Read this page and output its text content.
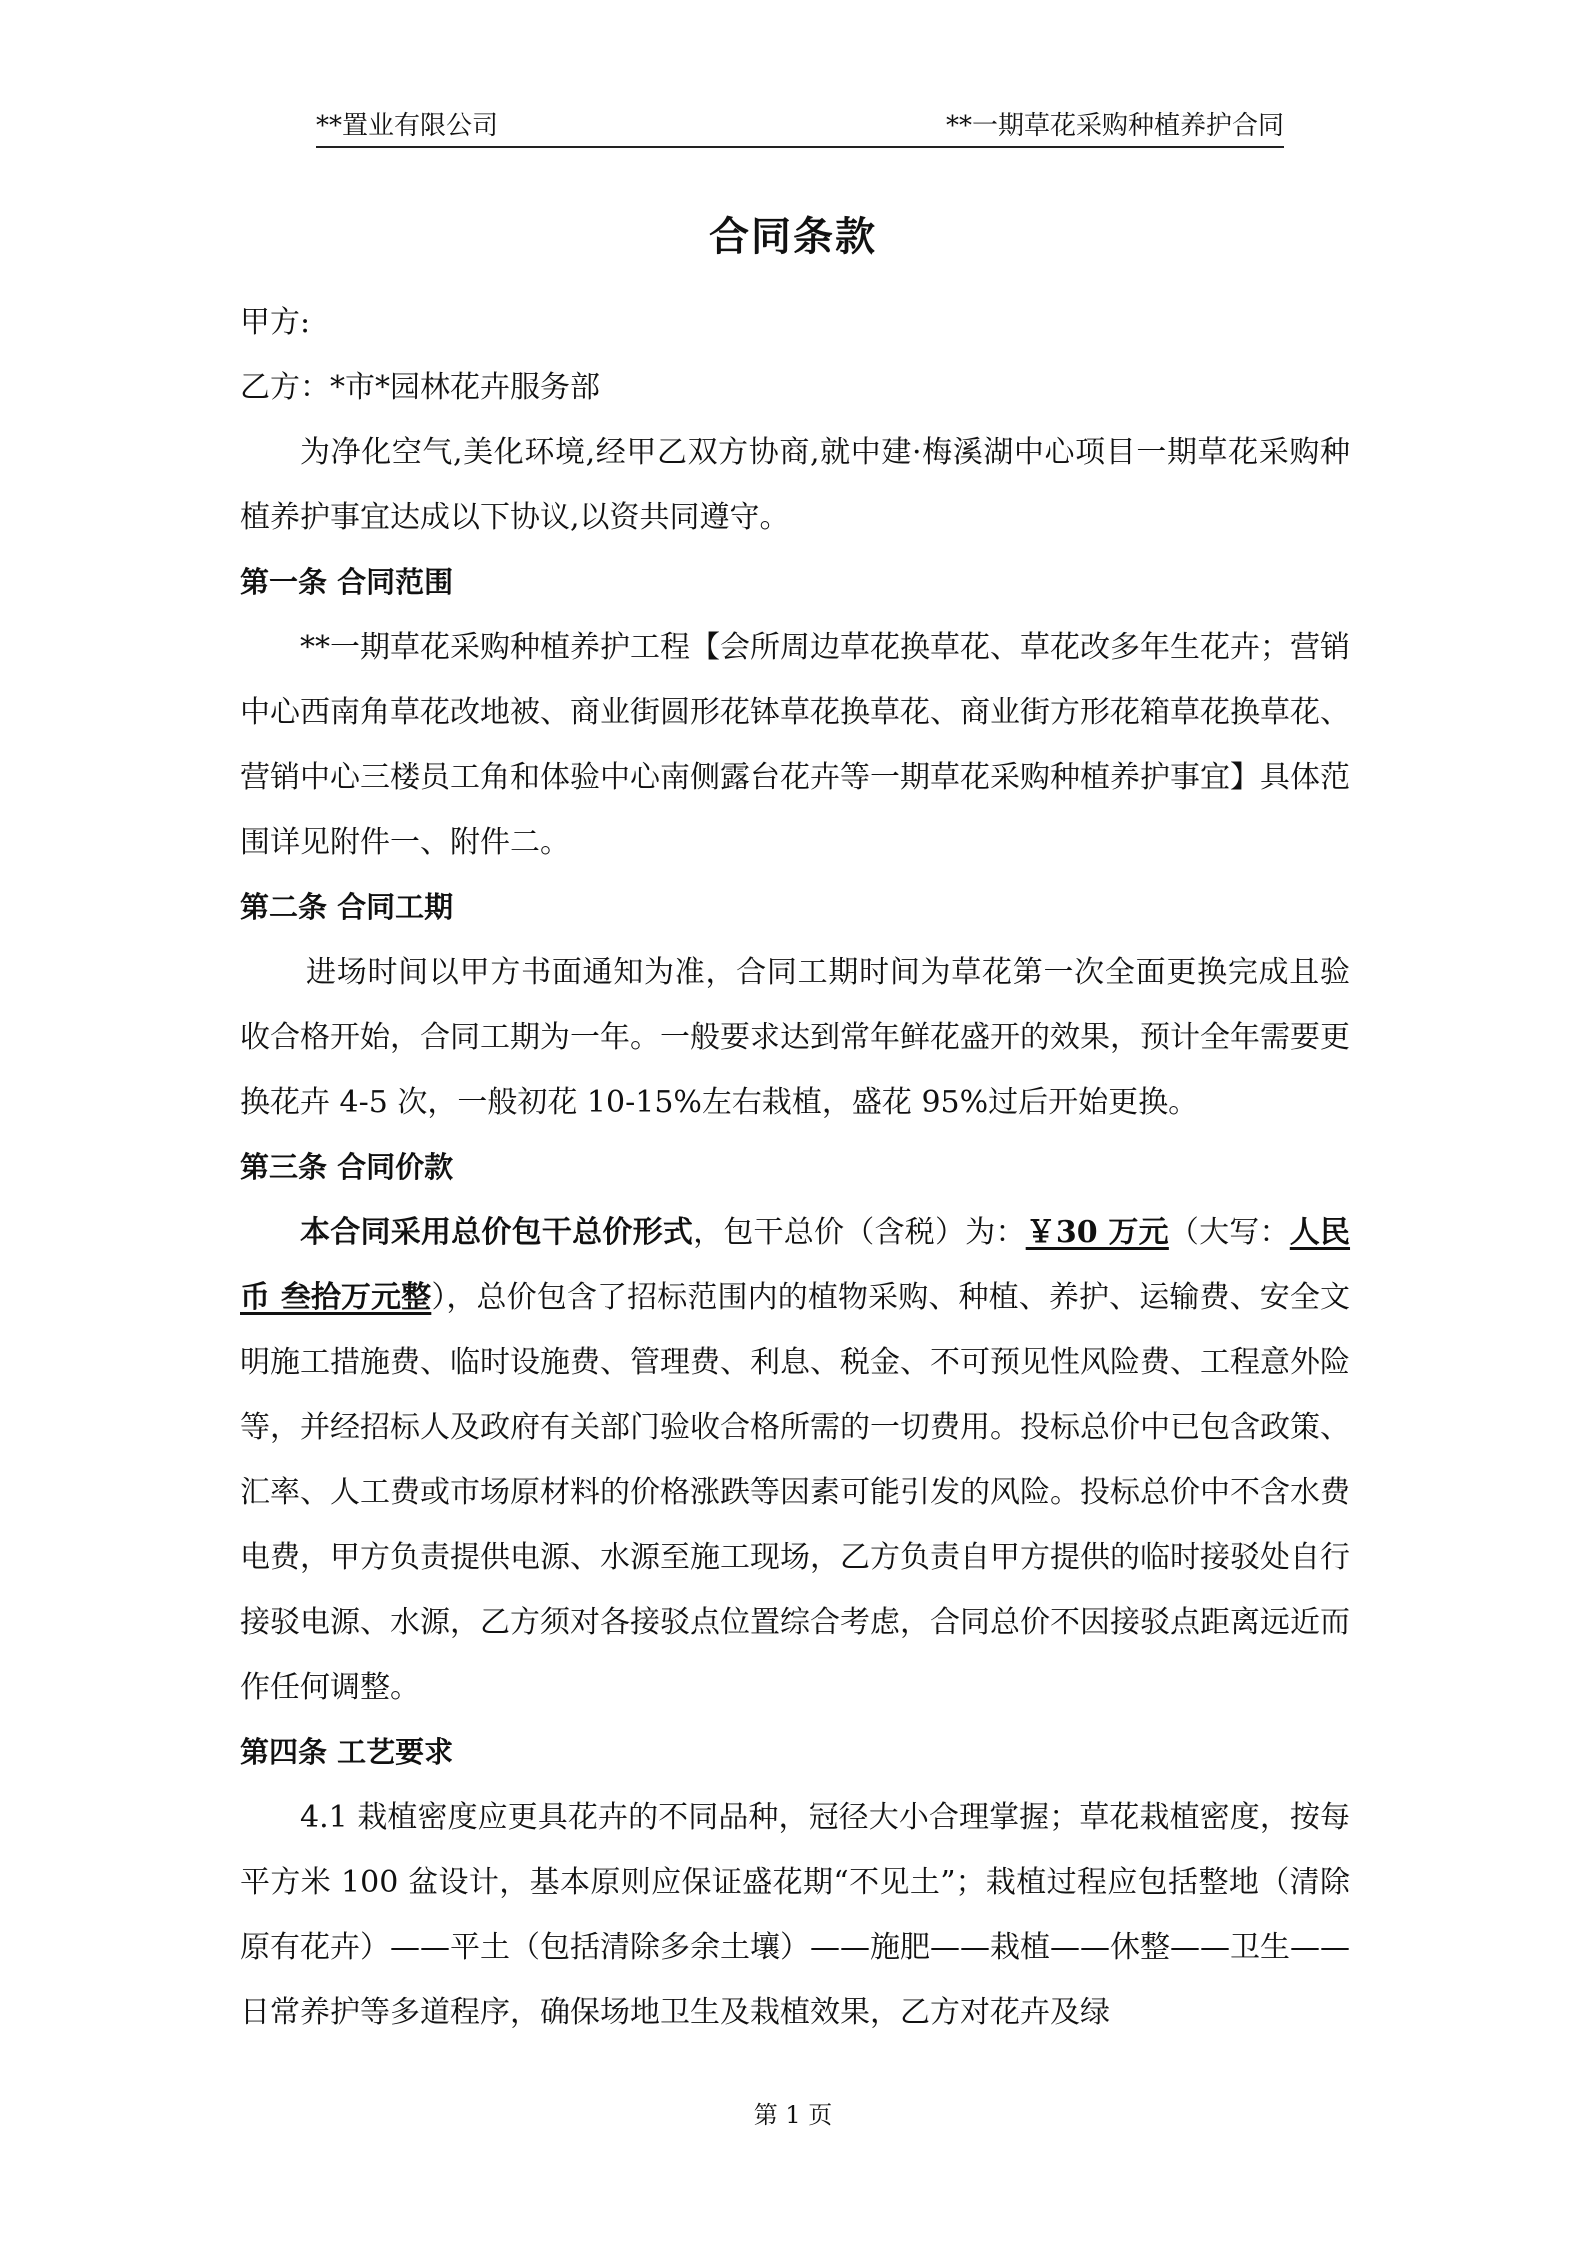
**置业有限公司	**一期草花采购种植养护合同
合同条款

甲方:

乙方：*市*园林花卉服务部

为净化空气,美化环境,经甲乙双方协商,就中建·梅溪湖中心项目一期草花采购种植养护事宜达成以下协议,以资共同遵守。

第一条 合同范围

**一期草花采购种植养护工程【会所周边草花换草花、草花改多年生花卉；营销中心西南角草花改地被、商业街圆形花钵草花换草花、商业街方形花箱草花换草花、营销中心三楼员工角和体验中心南侧露台花卉等一期草花采购种植养护事宜】具体范围详见附件一、附件二。

第二条 合同工期

进场时间以甲方书面通知为准，合同工期时间为草花第一次全面更换完成且验收合格开始，合同工期为一年。一般要求达到常年鲜花盛开的效果，预计全年需要更换花卉 4-5 次，一般初花 10-15%左右栽植，盛花 95%过后开始更换。

第三条 合同价款

本合同采用总价包干总价形式，包干总价（含税）为：￥30 万元（大写：人民币 叁拾万元整），总价包含了招标范围内的植物采购、种植、养护、运输费、安全文明施工措施费、临时设施费、管理费、利息、税金、不可预见性风险费、工程意外险等，并经招标人及政府有关部门验收合格所需的一切费用。投标总价中已包含政策、汇率、人工费或市场原材料的价格涨跌等因素可能引发的风险。投标总价中不含水费电费，甲方负责提供电源、水源至施工现场，乙方负责自甲方提供的临时接驳处自行接驳电源、水源，乙方须对各接驳点位置综合考虑，合同总价不因接驳点距离远近而作任何调整。

第四条 工艺要求

4.1 栽植密度应更具花卉的不同品种，冠径大小合理掌握；草花栽植密度，按每平方米 100 盆设计，基本原则应保证盛花期“不见土”；栽植过程应包括整地（清除原有花卉）——平土（包括清除多余土壤）——施肥——栽植——休整——卫生——日常养护等多道程序，确保场地卫生及栽植效果，乙方对花卉及绿

第 1 页
